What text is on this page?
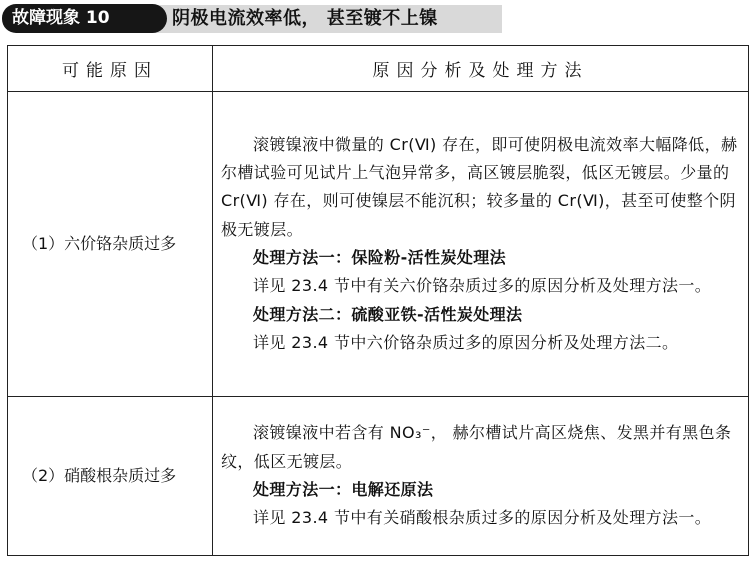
故障现象 10	阴极电流效率低， 甚至镀不上镍
可能原因	原因分析及处理方法
（1）六价铬杂质过多	滚镀镍液中微量的 Cr(Ⅵ) 存在，即可使阴极电流效率大幅降低，赫尔槽试验可见试片上气泡异常多，高区镀层脆裂，低区无镀层。少量的 Cr(Ⅵ) 存在，则可使镍层不能沉积；较多量的 Cr(Ⅵ)，甚至可使整个阴极无镀层。

处理方法一：保险粉-活性炭处理法

详见 23.4 节中有关六价铬杂质过多的原因分析及处理方法一。

处理方法二：硫酸亚铁-活性炭处理法

详见 23.4 节中六价铬杂质过多的原因分析及处理方法二。

（2）硝酸根杂质过多	滚镀镍液中若含有 NO₃⁻， 赫尔槽试片高区烧焦、发黑并有黑色条纹，低区无镀层。

处理方法一：电解还原法

详见 23.4 节中有关硝酸根杂质过多的原因分析及处理方法一。
